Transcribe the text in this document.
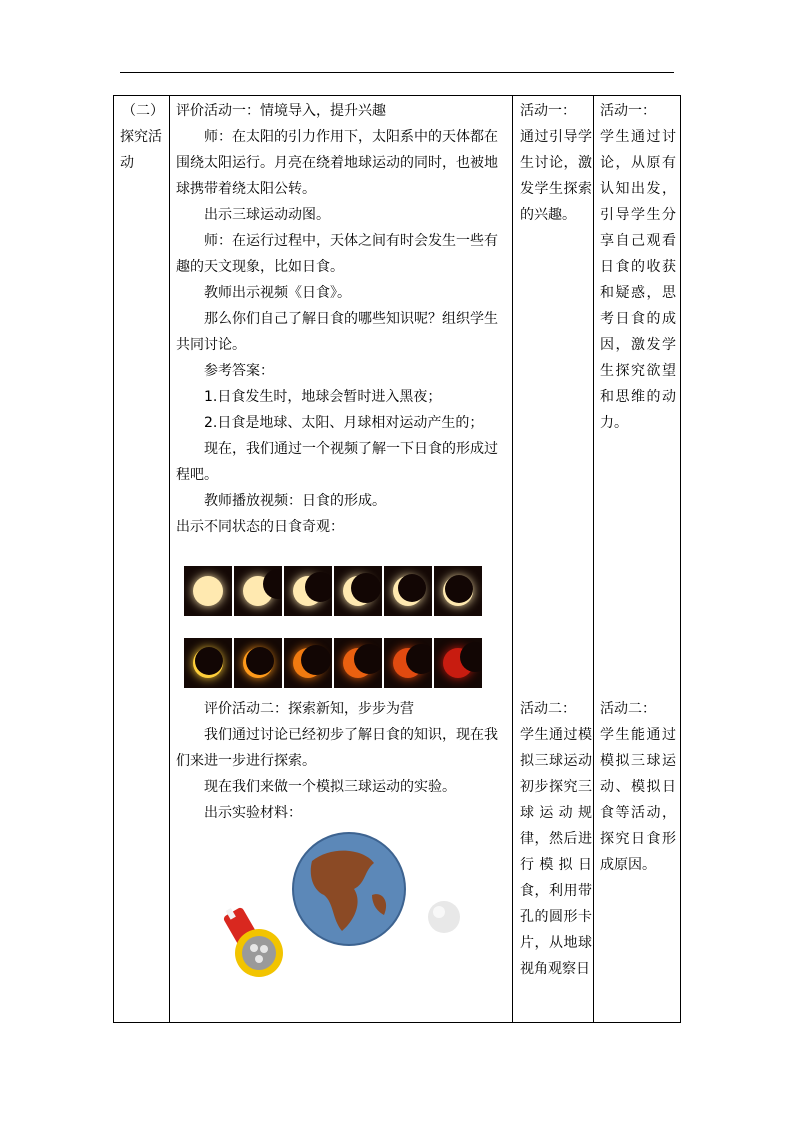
（二）

探究活动

评价活动一：情境导入，提升兴趣

师：在太阳的引力作用下，太阳系中的天体都在围绕太阳运行。月亮在绕着地球运动的同时，也被地球携带着绕太阳公转。

出示三球运动动图。

师：在运行过程中，天体之间有时会发生一些有趣的天文现象，比如日食。

教师出示视频《日食》。

那么你们自己了解日食的哪些知识呢？组织学生共同讨论。

参考答案：

1.日食发生时，地球会暂时进入黑夜；

2.日食是地球、太阳、月球相对运动产生的；

现在，我们通过一个视频了解一下日食的形成过程吧。

教师播放视频：日食的形成。

出示不同状态的日食奇观：

评价活动二：探索新知，步步为营

我们通过讨论已经初步了解日食的知识，现在我们来进一步进行探索。

现在我们来做一个模拟三球运动的实验。

出示实验材料：

活动一：

通过引导学生讨论，激发学生探索的兴趣。

活动二：

学生通过模拟三球运动初步探究三球运动规律，然后进行模拟日食，利用带孔的圆形卡片，从地球视角观察日

活动一：

学生通过讨论，从原有认知出发，引导学生分享自己观看日食的收获和疑惑，思考日食的成因，激发学生探究欲望和思维的动力。

活动二：

学生能通过模拟三球运动、模拟日食等活动，探究日食形成原因。
